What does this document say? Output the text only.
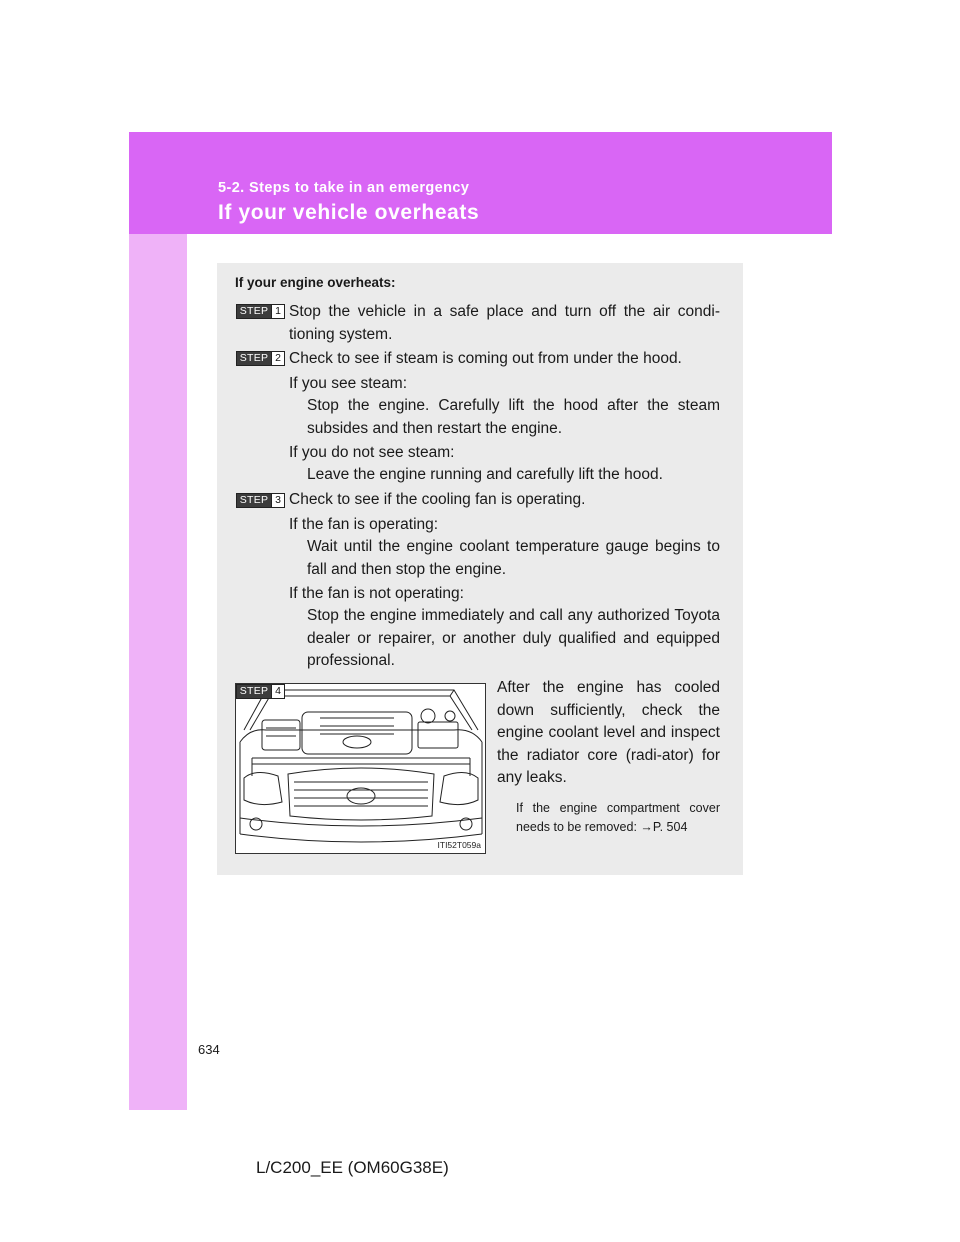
5-2. Steps to take in an emergency
If your vehicle overheats
If your engine overheats:
STEP 1 Stop the vehicle in a safe place and turn off the air condi-tioning system.
STEP 2 Check to see if steam is coming out from under the hood.
If you see steam:
Stop the engine. Carefully lift the hood after the steam subsides and then restart the engine.
If you do not see steam:
Leave the engine running and carefully lift the hood.
STEP 3 Check to see if the cooling fan is operating.
If the fan is operating:
Wait until the engine coolant temperature gauge begins to fall and then stop the engine.
If the fan is not operating:
Stop the engine immediately and call any authorized Toyota dealer or repairer, or another duly qualified and equipped professional.
ITI52T059a
STEP 4	After the engine has cooled down sufficiently, check the engine coolant level and inspect the radiator core (radi-ator) for any leaks.
If the engine compartment cover needs to be removed: →P. 504
634
L/C200_EE (OM60G38E)
